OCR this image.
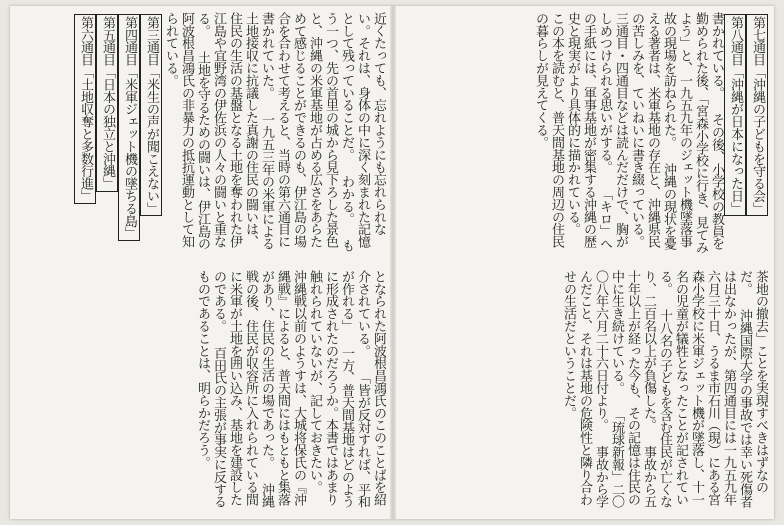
近くたっても、忘れようにも忘れられない。それは、身体の中に深く刻まれた記憶として残っていることだ。 わかる。 もう一つ、先の首里の城から見下ろした景色と、沖縄の米軍基地が占める広さをあらためて感じることができるのも、伊江島の場合を合わせて考えると、当時の第六通目に書かれていた。 一九五三年の米軍による土地接収に抗議した真謝の住民の闘いは、住民の生活の基盤となる土地を奪われた伊江島や宜野湾の伊佐浜の人々の闘いと重なる。 土地を守るための闘いは、伊江島の阿波根昌鴻氏の非暴力の抵抗運動として知られている。
第三通目「米生の声が聞こえない」
第四通目「米軍ジェット機の墜ちる島」
第五通目「日本の独立と沖縄」
第六通目「土地収奪と多数行進」
となられた阿波根昌鴻氏のこのことばを紹介されている。 「皆が反対すれば、平和が作れる」 一方、普天間基地はどのように形成されたのだろうか。本書ではあまり触れられていないが、記しておきたい。 沖縄戦以前のようすは、大城将保氏の『沖縄戦』によると、普天間にはもともと集落があり、住民の生活の場であった。 沖縄戦の後、住民が収容所に入れられている間に米軍が土地を囲い込み、基地を建設したのである。 百田氏の主張が事実に反するものであることは、明らかだろう。
第七通目「沖縄の子どもを守る会」
第八通目「沖縄が日本になった日」
書かれている。 その後、小学校の教員を勤められた後、「宮森小学校に行き、見てみよう」と、一九五九年のジェット機墜落事故の現場を訪ねられた。 沖縄の現状を憂える著者は、米軍基地の存在と、沖縄県民の苦しみを、ていねいに書き綴っている。 三通目・四通目などは読んだだけで、胸がしめつけられる思いがする。 「キロ」への手紙には、軍事基地が密集する沖縄の歴史と現実がより具体的に描かれている。 この本を読むと、普天間基地の周辺の住民の暮らしが見えてくる。
茶地の撤去」ことを実現すべきはずなのだ。 沖縄国際大学の事故では幸い死傷者は出なかったが、第四通目には一九五九年六月三十日、うるま市石川（現）にある宮森小学校に米軍ジェット機が墜落し、十一名の児童が犠牲となったことが記されている。 十八名の子どもを含む住民が亡くなり、二百名以上が負傷した。 事故から五十年以上が経った今も、その記憶は住民の中に生き続けている。 「琉球新報」二〇〇八年六月二十六日付より。 事故から学んだこと、それは基地の危険性と隣り合わせの生活だということだ。
